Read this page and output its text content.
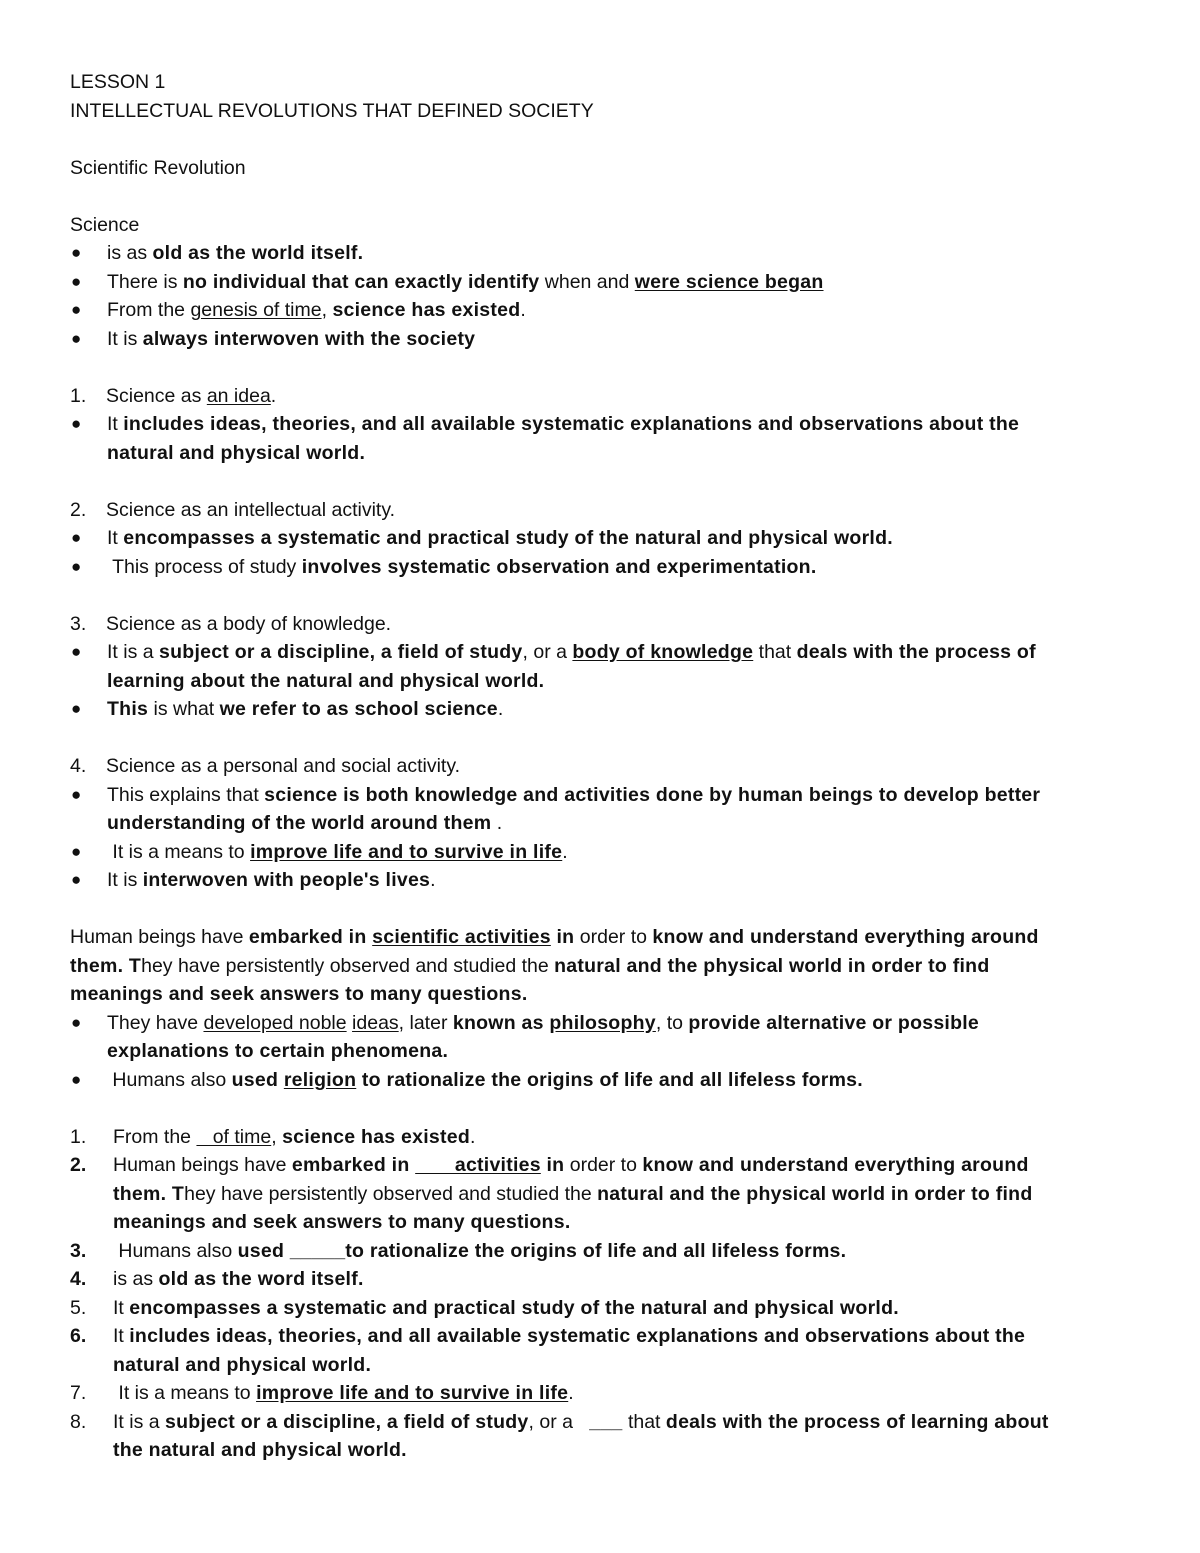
LESSON 1
INTELLECTUAL REVOLUTIONS THAT DEFINED SOCIETY
Scientific Revolution
Science
●	is as old as the world itself.
●	There is no individual that can exactly identify when and were science began
●	From the genesis of time, science has existed.
●	It is always interwoven with the society
1.	Science as an idea.
●	It includes ideas, theories, and all available systematic explanations and observations about the
natural and physical world.
2.	Science as an intellectual activity.
●	It encompasses a systematic and practical study of the natural and physical world.
●	This process of study involves systematic observation and experimentation.
3.	Science as a body of knowledge.
●	It is a subject or a discipline, a field of study, or a body of knowledge that deals with the process of
learning about the natural and physical world.
●	This is what we refer to as school science.
4.	Science as a personal and social activity.
●	This explains that science is both knowledge and activities done by human beings to develop better
understanding of the world around them .
●	It is a means to improve life and to survive in life.
●	It is interwoven with people's lives.
Human beings have embarked in scientific activities in order to know and understand everything around
them. They have persistently observed and studied the natural and the physical world in order to find
meanings and seek answers to many questions.
●	They have developed noble ideas, later known as philosophy, to provide alternative or possible
explanations to certain phenomena.
●	Humans also used religion to rationalize the origins of life and all lifeless forms.
1.	From the    of time, science has existed.
2.	Human beings have embarked in        activities in order to know and understand everything around
them. They have persistently observed and studied the natural and the physical world in order to find
meanings and seek answers to many questions.
3.	Humans also used _____to rationalize the origins of life and all lifeless forms.
4.	is as old as the word itself.
5.	It encompasses a systematic and practical study of the natural and physical world.
6.	It includes ideas, theories, and all available systematic explanations and observations about the
natural and physical world.
7.	It is a means to improve life and to survive in life.
8.	It is a subject or a discipline, a field of study, or a   ___ that deals with the process of learning about
the natural and physical world.
